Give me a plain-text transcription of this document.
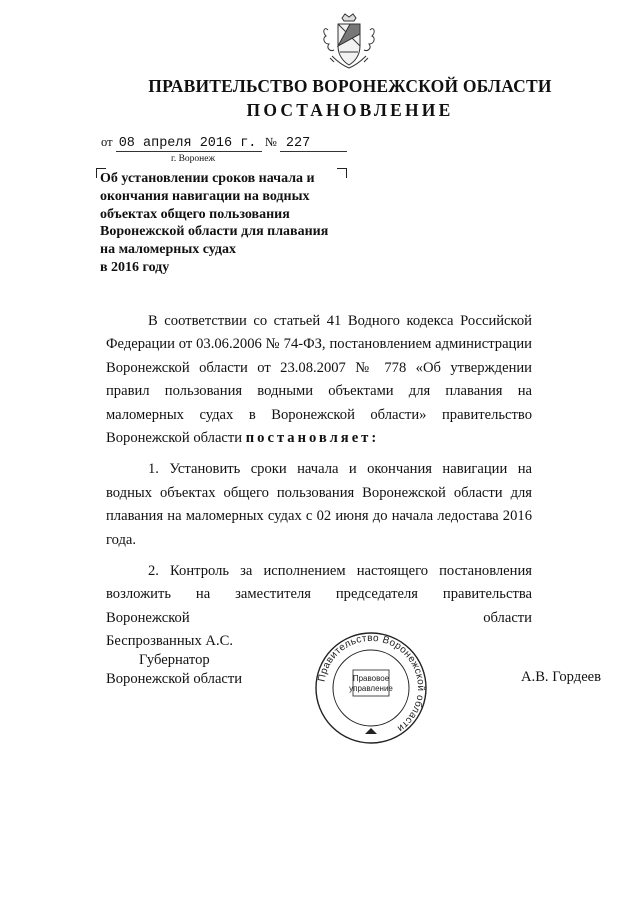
ПРАВИТЕЛЬСТВО ВОРОНЕЖСКОЙ ОБЛАСТИ
ПОСТАНОВЛЕНИЕ
от 08 апреля 2016 г. № 227
г. Воронеж
Об установлении сроков начала и
окончания навигации на водных
объектах общего пользования
Воронежской области для плавания
на маломерных судах
в 2016 году
В соответствии со статьей 41 Водного кодекса Российской Федерации от 03.06.2006 № 74-ФЗ, постановлением администрации Воронежской области от 23.08.2007 № 778 «Об утверждении правил пользования водными объектами для плавания на маломерных судах в Воронежской области» правительство Воронежской области постановляет:
1. Установить сроки начала и окончания навигации на водных объектах общего пользования Воронежской области для плавания на маломерных судах с 02 июня до начала ледостава 2016 года.
2. Контроль за исполнением настоящего постановления возложить на заместителя председателя правительства Воронежской области
Беспрозванных А.С.
Губернатор
Воронежской области	А.В. Гордеев
Правительство Воронежской области
Правовое
управление
